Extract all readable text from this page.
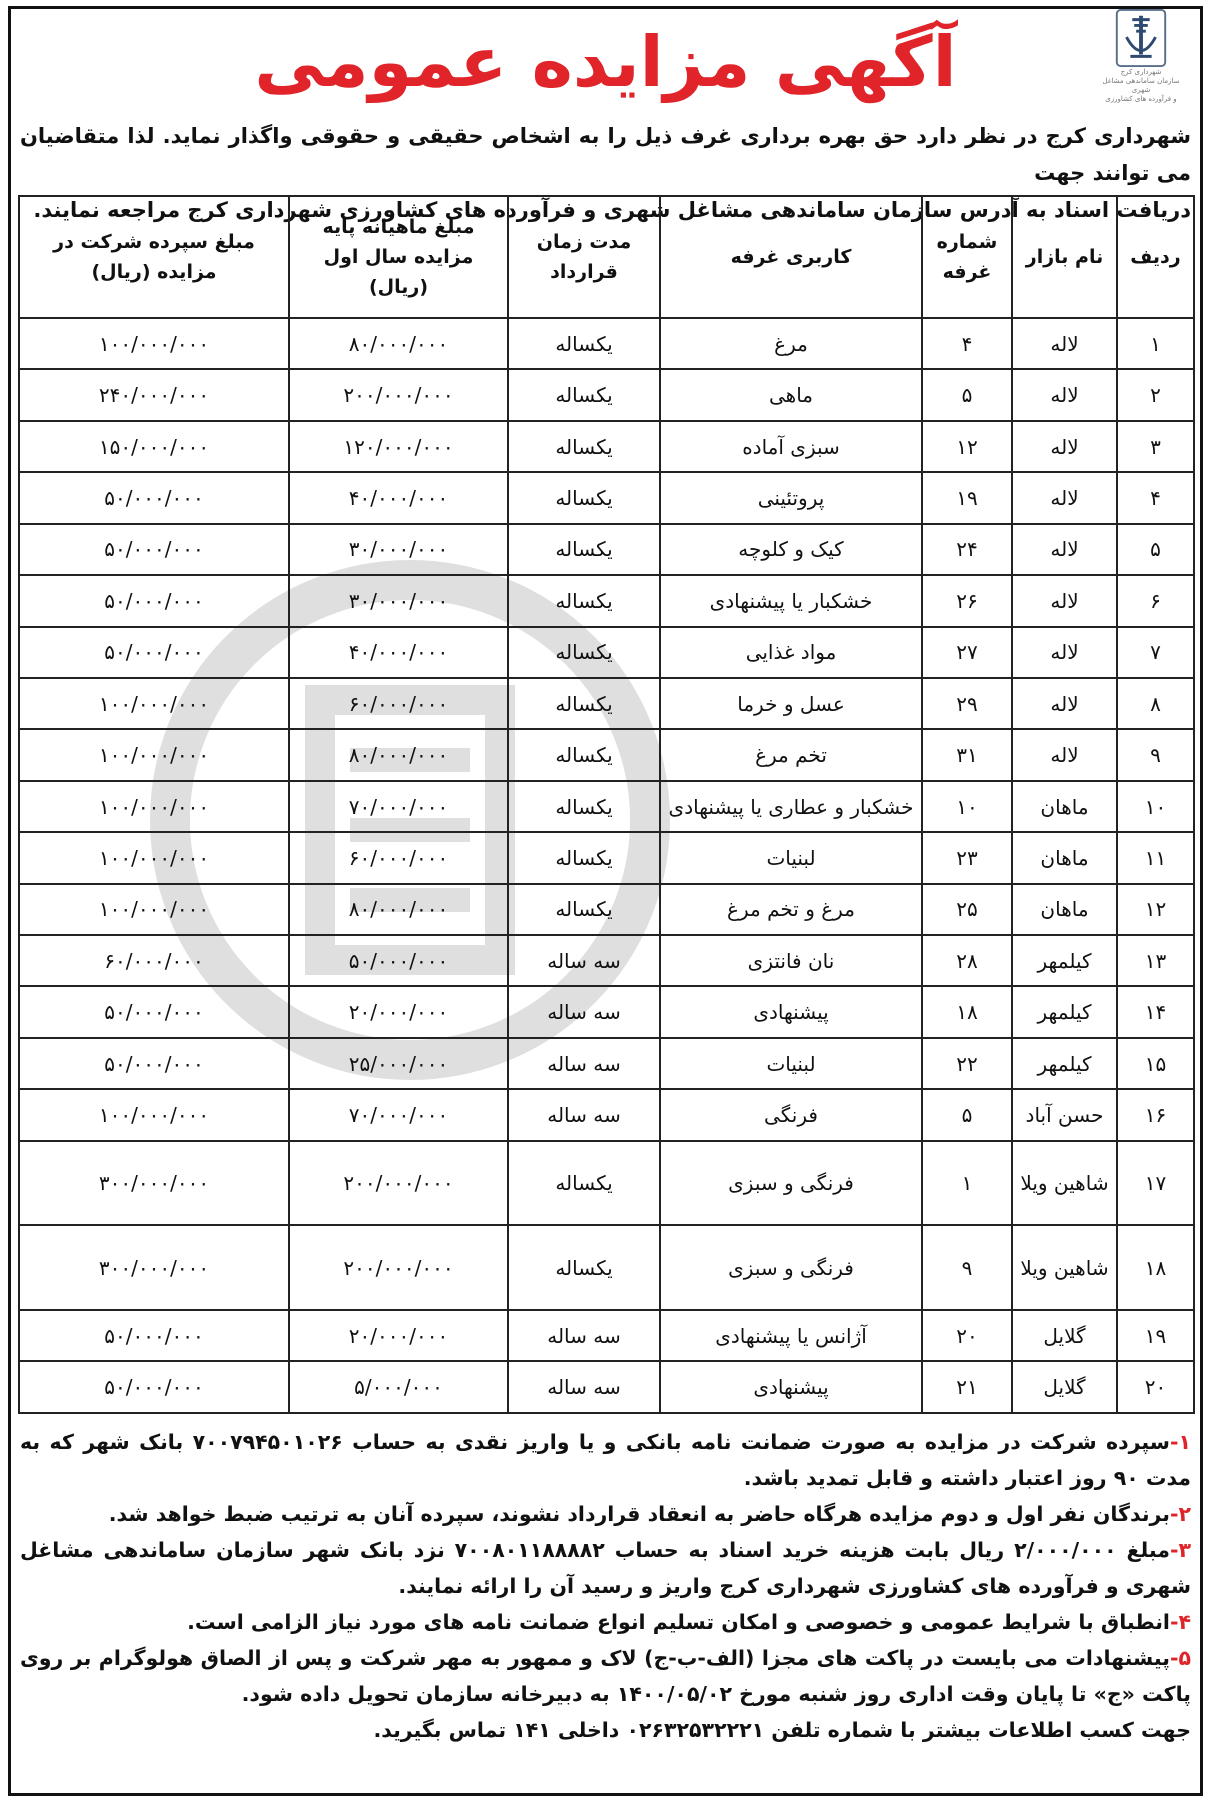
شهرداری کرج
سازمان ساماندهی مشاغل شهری
و فرآورده های کشاورزی
آگهی مزایده عمومی
شهرداری کرج در نظر دارد حق بهره برداری غرف ذیل را به اشخاص حقیقی و حقوقی واگذار نماید. لذا متقاضیان می توانند جهت
دریافت اسناد به آدرس سازمان ساماندهی مشاغل شهری و فرآورده های کشاورزی شهرداری کرج مراجعه نمایند.
ردیف	نام بازار	شماره غرفه	کاربری غرفه	مدت زمان قرارداد	مبلغ ماهیانه پایه مزایده سال اول (ریال)	مبلغ سپرده شرکت در مزایده (ریال)
۱	لاله	۴	مرغ	یکساله	۸۰/۰۰۰/۰۰۰	۱۰۰/۰۰۰/۰۰۰
۲	لاله	۵	ماهی	یکساله	۲۰۰/۰۰۰/۰۰۰	۲۴۰/۰۰۰/۰۰۰
۳	لاله	۱۲	سبزی آماده	یکساله	۱۲۰/۰۰۰/۰۰۰	۱۵۰/۰۰۰/۰۰۰
۴	لاله	۱۹	پروتئینی	یکساله	۴۰/۰۰۰/۰۰۰	۵۰/۰۰۰/۰۰۰
۵	لاله	۲۴	کیک و کلوچه	یکساله	۳۰/۰۰۰/۰۰۰	۵۰/۰۰۰/۰۰۰
۶	لاله	۲۶	خشکبار یا پیشنهادی	یکساله	۳۰/۰۰۰/۰۰۰	۵۰/۰۰۰/۰۰۰
۷	لاله	۲۷	مواد غذایی	یکساله	۴۰/۰۰۰/۰۰۰	۵۰/۰۰۰/۰۰۰
۸	لاله	۲۹	عسل و خرما	یکساله	۶۰/۰۰۰/۰۰۰	۱۰۰/۰۰۰/۰۰۰
۹	لاله	۳۱	تخم مرغ	یکساله	۸۰/۰۰۰/۰۰۰	۱۰۰/۰۰۰/۰۰۰
۱۰	ماهان	۱۰	خشکبار و عطاری یا پیشنهادی	یکساله	۷۰/۰۰۰/۰۰۰	۱۰۰/۰۰۰/۰۰۰
۱۱	ماهان	۲۳	لبنیات	یکساله	۶۰/۰۰۰/۰۰۰	۱۰۰/۰۰۰/۰۰۰
۱۲	ماهان	۲۵	مرغ و تخم مرغ	یکساله	۸۰/۰۰۰/۰۰۰	۱۰۰/۰۰۰/۰۰۰
۱۳	کیلمهر	۲۸	نان فانتزی	سه ساله	۵۰/۰۰۰/۰۰۰	۶۰/۰۰۰/۰۰۰
۱۴	کیلمهر	۱۸	پیشنهادی	سه ساله	۲۰/۰۰۰/۰۰۰	۵۰/۰۰۰/۰۰۰
۱۵	کیلمهر	۲۲	لبنیات	سه ساله	۲۵/۰۰۰/۰۰۰	۵۰/۰۰۰/۰۰۰
۱۶	حسن آباد	۵	فرنگی	سه ساله	۷۰/۰۰۰/۰۰۰	۱۰۰/۰۰۰/۰۰۰
۱۷	شاهین ویلا	۱	فرنگی و سبزی	یکساله	۲۰۰/۰۰۰/۰۰۰	۳۰۰/۰۰۰/۰۰۰
۱۸	شاهین ویلا	۹	فرنگی و سبزی	یکساله	۲۰۰/۰۰۰/۰۰۰	۳۰۰/۰۰۰/۰۰۰
۱۹	گلایل	۲۰	آژانس یا پیشنهادی	سه ساله	۲۰/۰۰۰/۰۰۰	۵۰/۰۰۰/۰۰۰
۲۰	گلایل	۲۱	پیشنهادی	سه ساله	۵/۰۰۰/۰۰۰	۵۰/۰۰۰/۰۰۰

۱-سپرده شرکت در مزایده به صورت ضمانت نامه بانکی و یا واریز نقدی به حساب ۷۰۰۷۹۴۵۰۱۰۲۶ بانک شهر که به مدت ۹۰ روز اعتبار داشته و قابل تمدید باشد.

۲-برندگان نفر اول و دوم مزایده هرگاه حاضر به انعقاد قرارداد نشوند، سپرده آنان به ترتیب ضبط خواهد شد.

۳-مبلغ ۲/۰۰۰/۰۰۰ ریال بابت هزینه خرید اسناد به حساب ۷۰۰۸۰۱۱۸۸۸۸۲ نزد بانک شهر سازمان ساماندهی مشاغل شهری و فرآورده های کشاورزی شهرداری کرج واریز و رسید آن را ارائه نمایند.

۴-انطباق با شرایط عمومی و خصوصی و امکان تسلیم انواع ضمانت نامه های مورد نیاز الزامی است.

۵-پیشنهادات می بایست در پاکت های مجزا (الف-ب-ج) لاک و ممهور به مهر شرکت و پس از الصاق هولوگرام بر روی پاکت «ج» تا پایان وقت اداری روز شنبه مورخ ۱۴۰۰/۰۵/۰۲ به دبیرخانه سازمان تحویل داده شود.

جهت کسب اطلاعات بیشتر با شماره تلفن ۰۲۶۳۲۵۳۲۲۲۱ داخلی ۱۴۱ تماس بگیرید.
